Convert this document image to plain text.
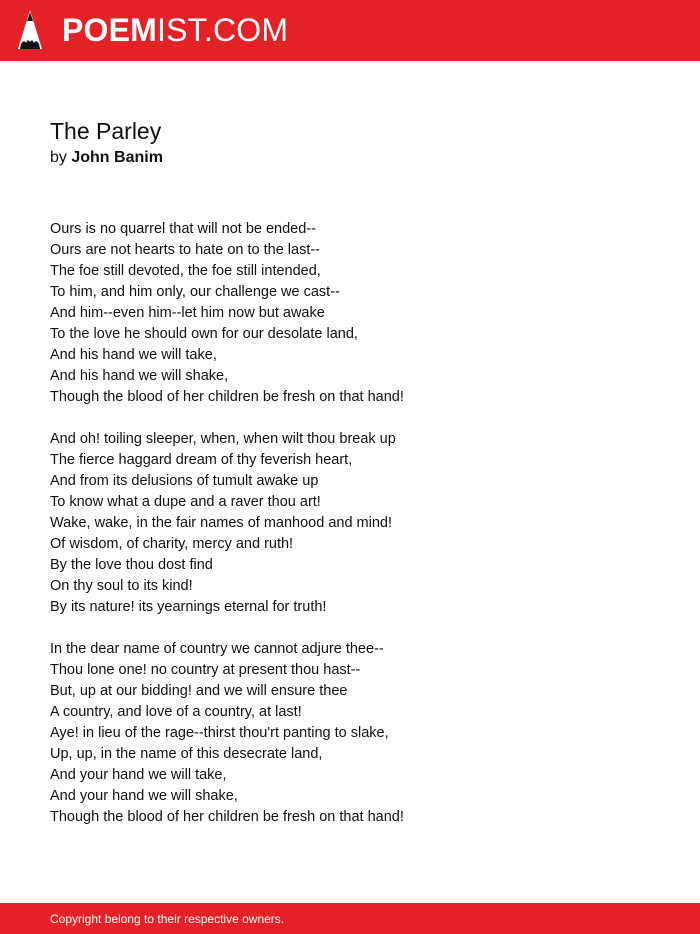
POEMIST.COM
The Parley
by John Banim
Ours is no quarrel that will not be ended--
Ours are not hearts to hate on to the last--
The foe still devoted, the foe still intended,
To him, and him only, our challenge we cast--
And him--even him--let him now but awake
To the love he should own for our desolate land,
And his hand we will take,
And his hand we will shake,
Though the blood of her children be fresh on that hand!
And oh! toiling sleeper, when, when wilt thou break up
The fierce haggard dream of thy feverish heart,
And from its delusions of tumult awake up
To know what a dupe and a raver thou art!
Wake, wake, in the fair names of manhood and mind!
Of wisdom, of charity, mercy and ruth!
By the love thou dost find
On thy soul to its kind!
By its nature! its yearnings eternal for truth!
In the dear name of country we cannot adjure thee--
Thou lone one! no country at present thou hast--
But, up at our bidding! and we will ensure thee
A country, and love of a country, at last!
Aye! in lieu of the rage--thirst thou'rt panting to slake,
Up, up, in the name of this desecrate land,
And your hand we will take,
And your hand we will shake,
Though the blood of her children be fresh on that hand!
Copyright belong to their respective owners.
